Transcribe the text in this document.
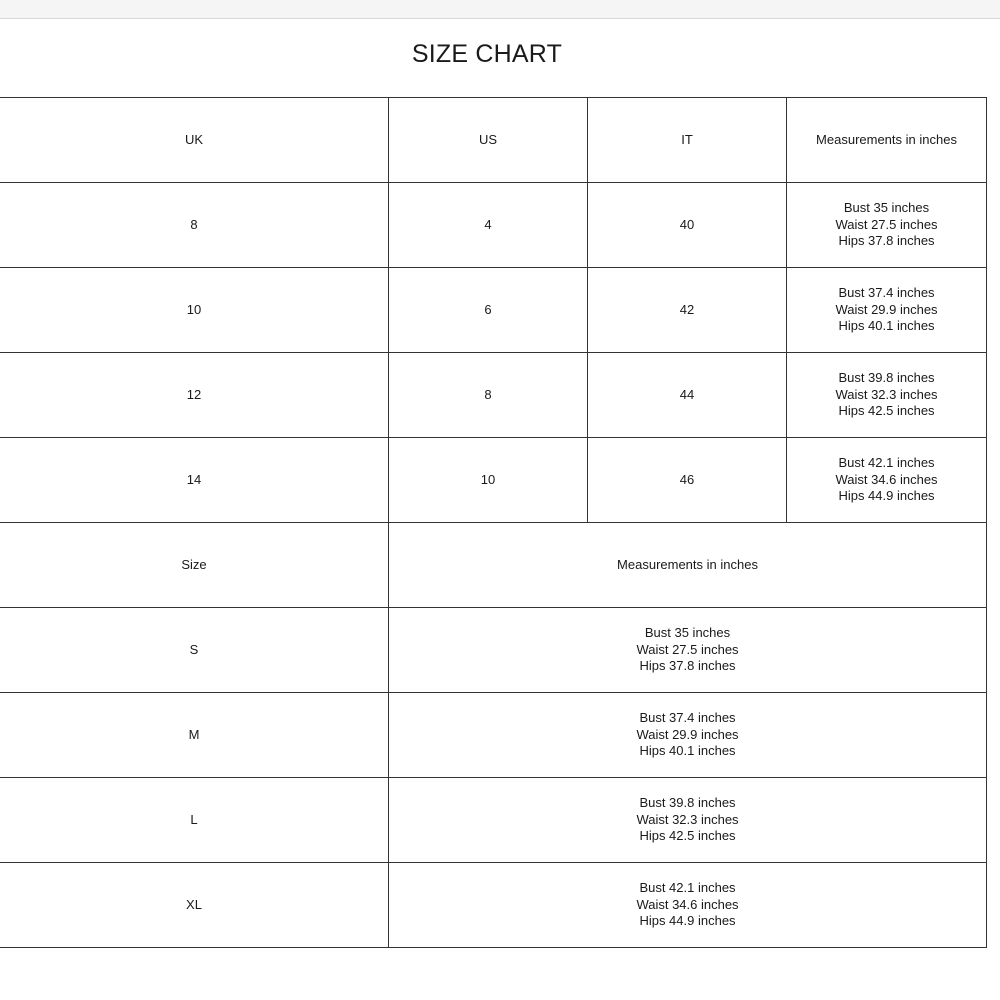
SIZE CHART
UK	US	IT	Measurements in inches
8	4	40	Bust 35 inches
Waist 27.5 inches
Hips 37.8 inches

10	6	42	Bust 37.4 inches
Waist 29.9 inches
Hips 40.1 inches

12	8	44	Bust 39.8 inches
Waist 32.3 inches
Hips 42.5 inches

14	10	46	Bust 42.1 inches
Waist 34.6 inches
Hips 44.9 inches

Size	Measurements in inches		
S	Bust 35 inches
Waist 27.5 inches
Hips 37.8 inches		

M	Bust 37.4 inches
Waist 29.9 inches
Hips 40.1 inches		

L	Bust 39.8 inches
Waist 32.3 inches
Hips 42.5 inches		

XL	Bust 42.1 inches
Waist 34.6 inches
Hips 44.9 inches		
